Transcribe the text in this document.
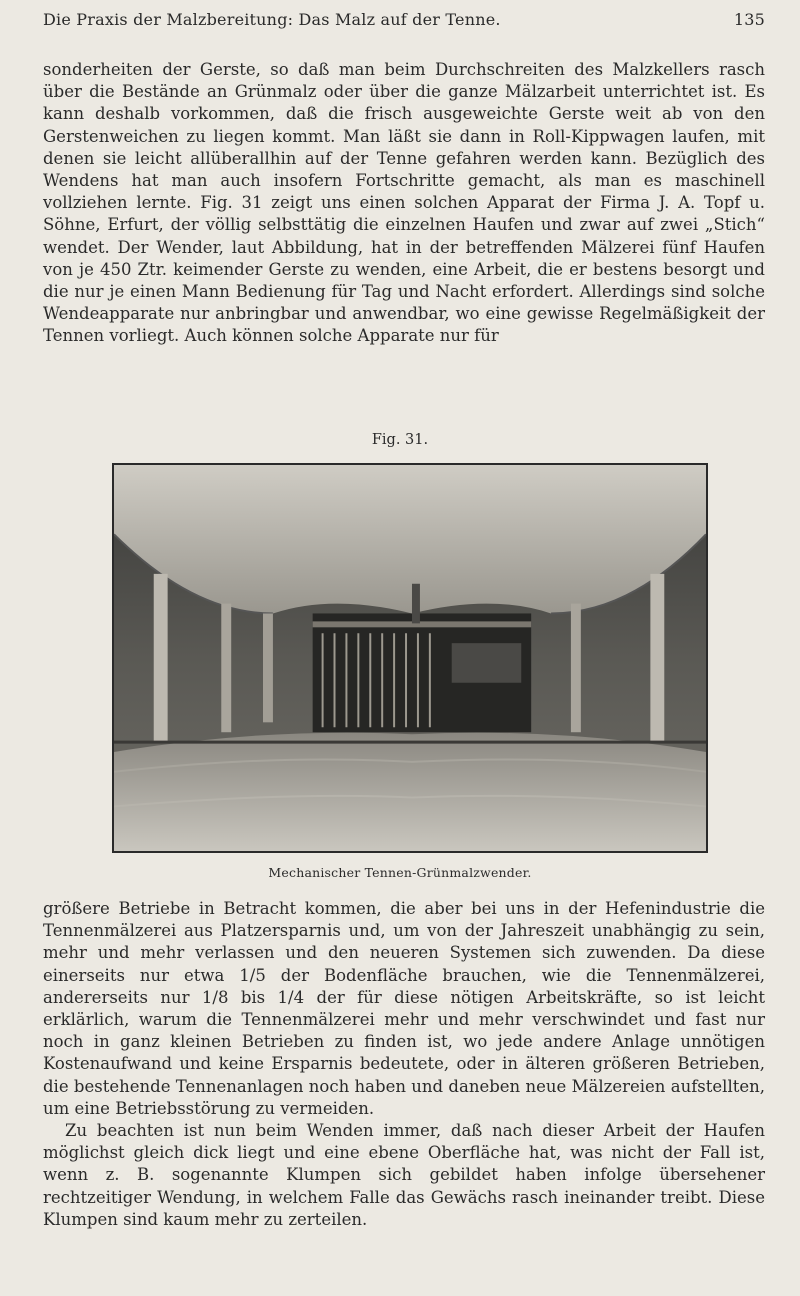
Die Praxis der Malzbereitung: Das Malz auf der Tenne.	135

sonderheiten der Gerste, so daß man beim Durchschreiten des Malzkellers rasch über die Bestände an Grünmalz oder über die ganze Mälzarbeit unterrichtet ist. Es kann deshalb vorkommen, daß die frisch ausgeweichte Gerste weit ab von den Gerstenweichen zu liegen kommt. Man läßt sie dann in Roll-Kippwagen laufen, mit denen sie leicht allüberallhin auf der Tenne gefahren werden kann. Bezüglich des Wendens hat man auch insofern Fortschritte gemacht, als man es maschinell vollziehen lernte. Fig. 31 zeigt uns einen solchen Apparat der Firma J. A. Topf u. Söhne, Erfurt, der völlig selbsttätig die einzelnen Haufen und zwar auf zwei „Stich“ wendet. Der Wender, laut Abbildung, hat in der betreffenden Mälzerei fünf Haufen von je 450 Ztr. keimender Gerste zu wenden, eine Arbeit, die er bestens besorgt und die nur je einen Mann Bedienung für Tag und Nacht erfordert. Allerdings sind solche Wendeapparate nur anbringbar und anwendbar, wo eine gewisse Regelmäßigkeit der Tennen vorliegt. Auch können solche Apparate nur für

Fig. 31.
Mechanischer Tennen-Grünmalzwender.
größere Betriebe in Betracht kommen, die aber bei uns in der Hefenindustrie die Tennenmälzerei aus Platzersparnis und, um von der Jahreszeit unabhängig zu sein, mehr und mehr verlassen und den neueren Systemen sich zuwenden. Da diese einerseits nur etwa 1/5 der Bodenfläche brauchen, wie die Tennenmälzerei, andererseits nur 1/8 bis 1/4 der für diese nötigen Arbeitskräfte, so ist leicht erklärlich, warum die Tennenmälzerei mehr und mehr verschwindet und fast nur noch in ganz kleinen Betrieben zu finden ist, wo jede andere Anlage unnötigen Kostenaufwand und keine Ersparnis bedeutete, oder in älteren größeren Betrieben, die bestehende Tennenanlagen noch haben und daneben neue Mälzereien aufstellten, um eine Betriebsstörung zu vermeiden.
Zu beachten ist nun beim Wenden immer, daß nach dieser Arbeit der Haufen möglichst gleich dick liegt und eine ebene Oberfläche hat, was nicht der Fall ist, wenn z. B. sogenannte Klumpen sich gebildet haben infolge übersehener rechtzeitiger Wendung, in welchem Falle das Gewächs rasch ineinander treibt. Diese Klumpen sind kaum mehr zu zerteilen.
